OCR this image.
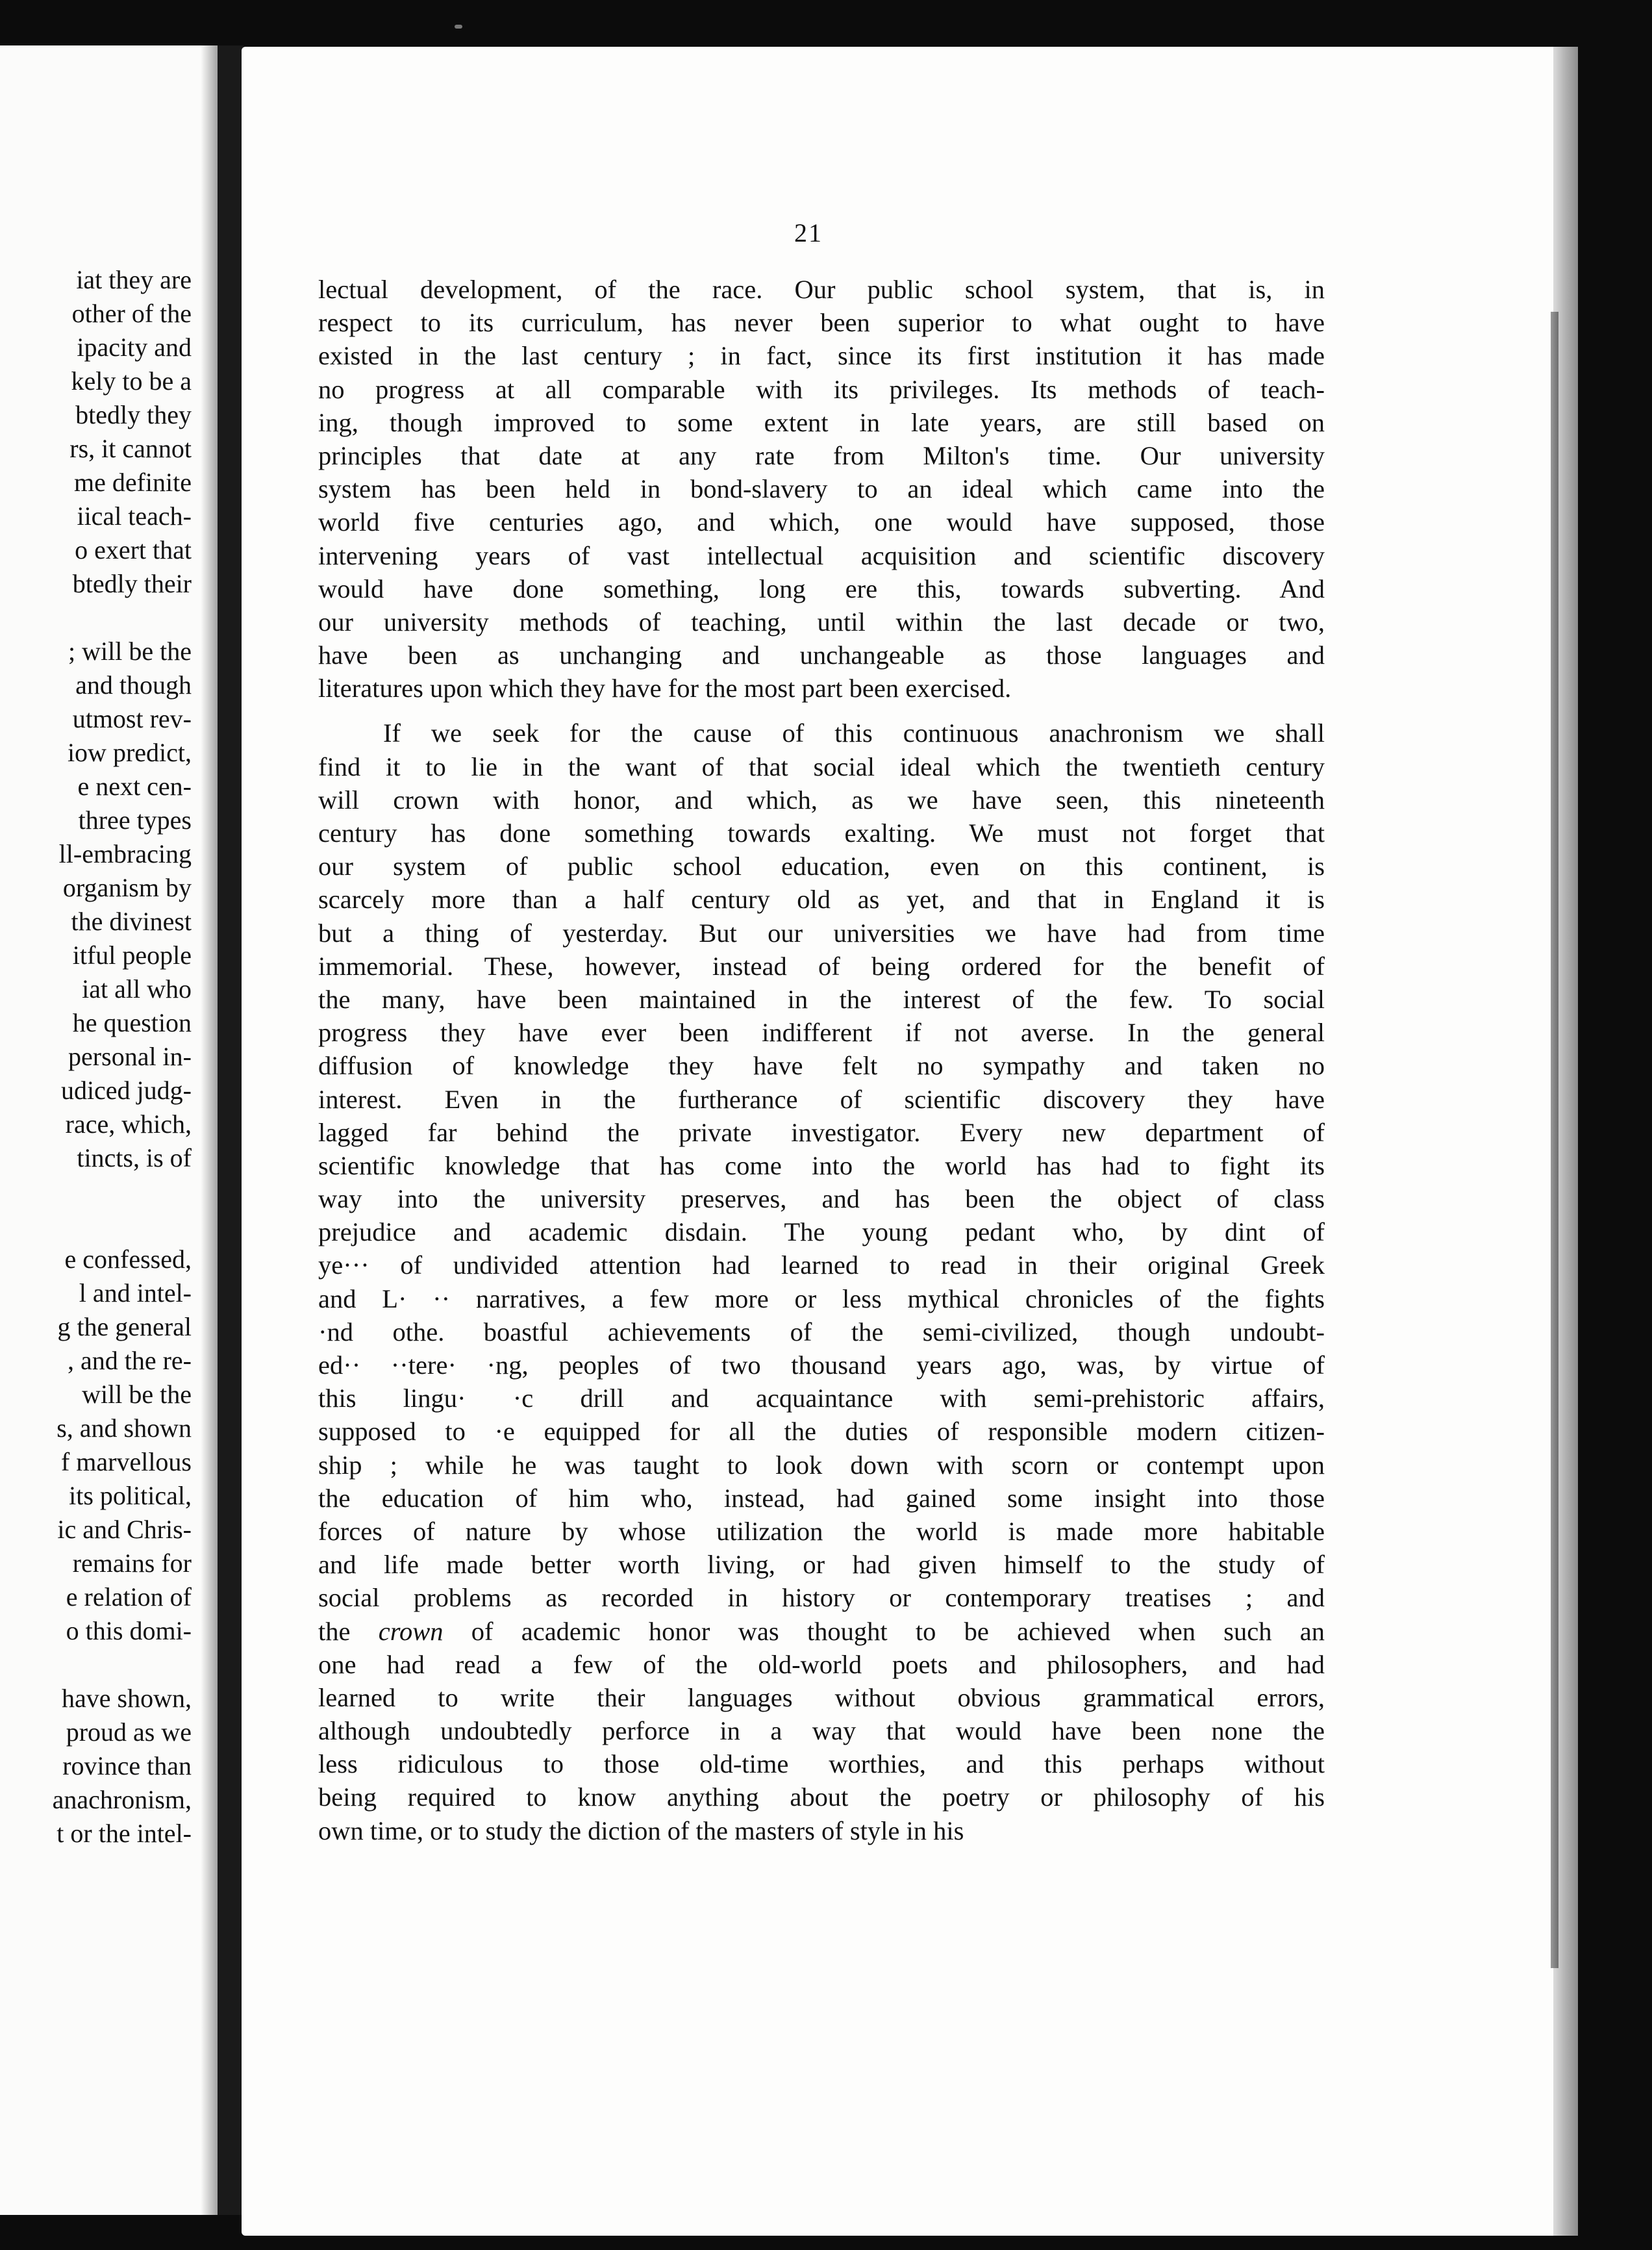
iat they are
other of the
ipacity and
kely to be a
btedly they
rs, it cannot
me definite
iical teach-
o exert that
btedly their
; will be the
and though
utmost rev-
iow predict,
e next cen-
three types
ll-embracing
organism by
the divinest
itful people
iat all who
he question
personal in-
udiced judg-
race, which,
tincts, is of
e confessed,
l and intel-
g the general
, and the re-
will be the
s, and shown
f marvellous
its political,
ic and Chris-
remains for
e relation of
o this domi-
have shown,
proud as we
rovince than
anachronism,
t or the intel-
21
lectual development, of the race. Our public school system, that is, in
respect to its curriculum, has never been superior to what ought to have
existed in the last century ; in fact, since its first institution it has made
no progress at all comparable with its privileges. Its methods of teach-
ing, though improved to some extent in late years, are still based on
principles that date at any rate from Milton's time. Our university
system has been held in bond-slavery to an ideal which came into the
world five centuries ago, and which, one would have supposed, those
intervening years of vast intellectual acquisition and scientific discovery
would have done something, long ere this, towards subverting. And
our university methods of teaching, until within the last decade or two,
have been as unchanging and unchangeable as those languages and
literatures upon which they have for the most part been exercised.
If we seek for the cause of this continuous anachronism we shall
find it to lie in the want of that social ideal which the twentieth century
will crown with honor, and which, as we have seen, this nineteenth
century has done something towards exalting. We must not forget that
our system of public school education, even on this continent, is
scarcely more than a half century old as yet, and that in England it is
but a thing of yesterday. But our universities we have had from time
immemorial. These, however, instead of being ordered for the benefit of
the many, have been maintained in the interest of the few. To social
progress they have ever been indifferent if not averse. In the general
diffusion of knowledge they have felt no sympathy and taken no
interest. Even in the furtherance of scientific discovery they have
lagged far behind the private investigator. Every new department of
scientific knowledge that has come into the world has had to fight its
way into the university preserves, and has been the object of class
prejudice and academic disdain. The young pedant who, by dint of
ye··· of undivided attention had learned to read in their original Greek
and L· ·· narratives, a few more or less mythical chronicles of the fights
·nd othe. boastful achievements of the semi-civilized, though undoubt-
ed·· ··tere· ·ng, peoples of two thousand years ago, was, by virtue of
this lingu· ·c drill and acquaintance with semi-prehistoric affairs,
supposed to ·e equipped for all the duties of responsible modern citizen-
ship ; while he was taught to look down with scorn or contempt upon
the education of him who, instead, had gained some insight into those
forces of nature by whose utilization the world is made more habitable
and life made better worth living, or had given himself to the study of
social problems as recorded in history or contemporary treatises ; and
the crown of academic honor was thought to be achieved when such an
one had read a few of the old-world poets and philosophers, and had
learned to write their languages without obvious grammatical errors,
although undoubtedly perforce in a way that would have been none the
less ridiculous to those old-time worthies, and this perhaps without
being required to know anything about the poetry or philosophy of his
own time, or to study the diction of the masters of style in his
